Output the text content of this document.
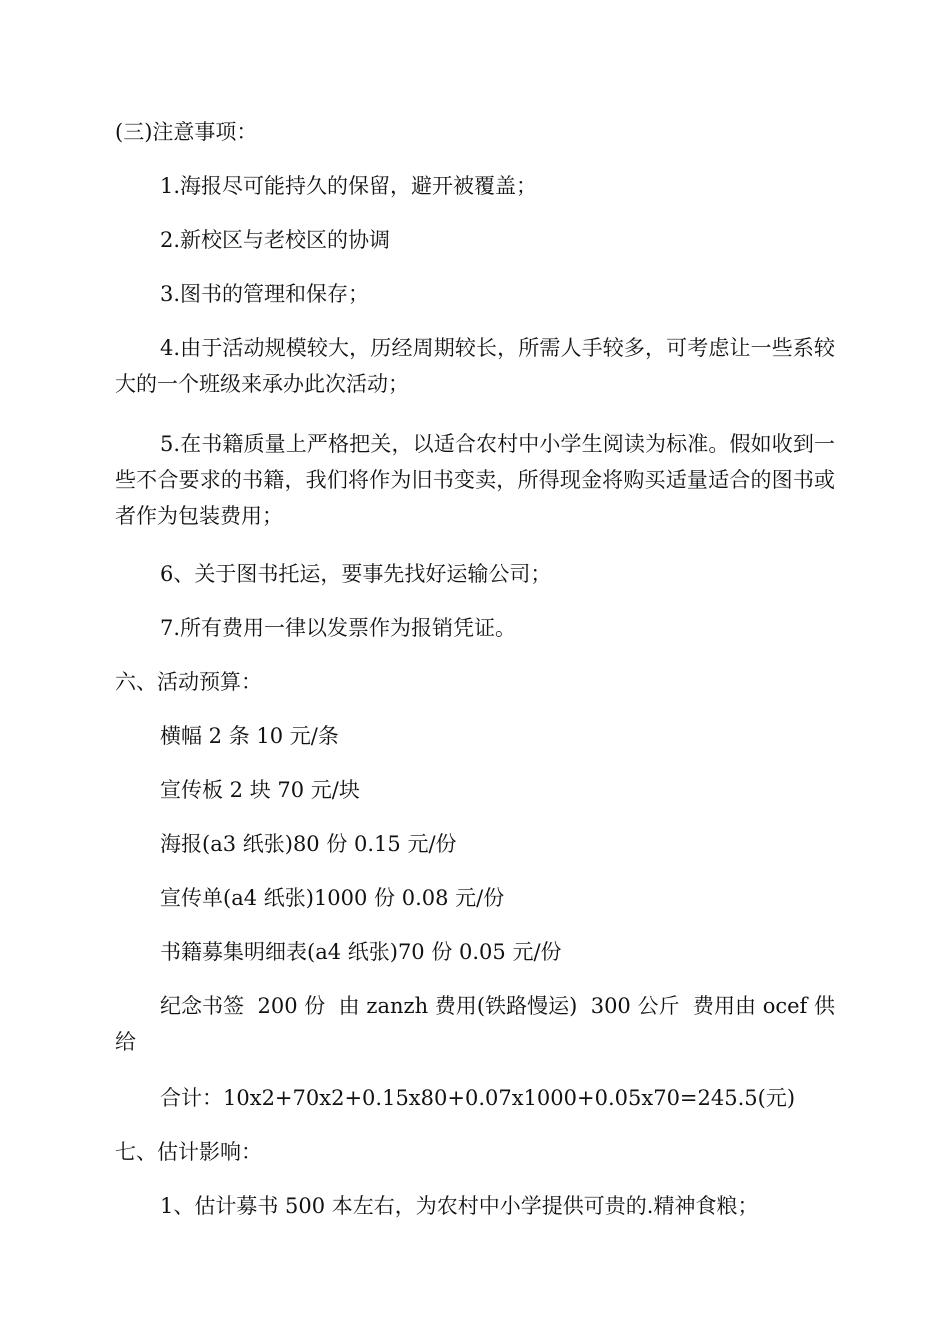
(三)注意事项：

1.海报尽可能持久的保留，避开被覆盖；

2.新校区与老校区的协调

3.图书的管理和保存；

4.由于活动规模较大，历经周期较长，所需人手较多，可考虑让一些系较大的一个班级来承办此次活动；

5.在书籍质量上严格把关，以适合农村中小学生阅读为标准。假如收到一些不合要求的书籍，我们将作为旧书变卖，所得现金将购买适量适合的图书或者作为包装费用；

6、关于图书托运，要事先找好运输公司；

7.所有费用一律以发票作为报销凭证。

六、活动预算：

横幅 2 条 10 元/条

宣传板 2 块 70 元/块

海报(a3 纸张)80 份 0.15 元/份

宣传单(a4 纸张)1000 份 0.08 元/份

书籍募集明细表(a4 纸张)70 份 0.05 元/份

纪念书签  200 份  由 zanzh 费用(铁路慢运)  300 公斤  费用由 ocef 供给

合计：10x2+70x2+0.15x80+0.07x1000+0.05x70=245.5(元)

七、估计影响：

1、估计募书 500 本左右，为农村中小学提供可贵的.精神食粮；
